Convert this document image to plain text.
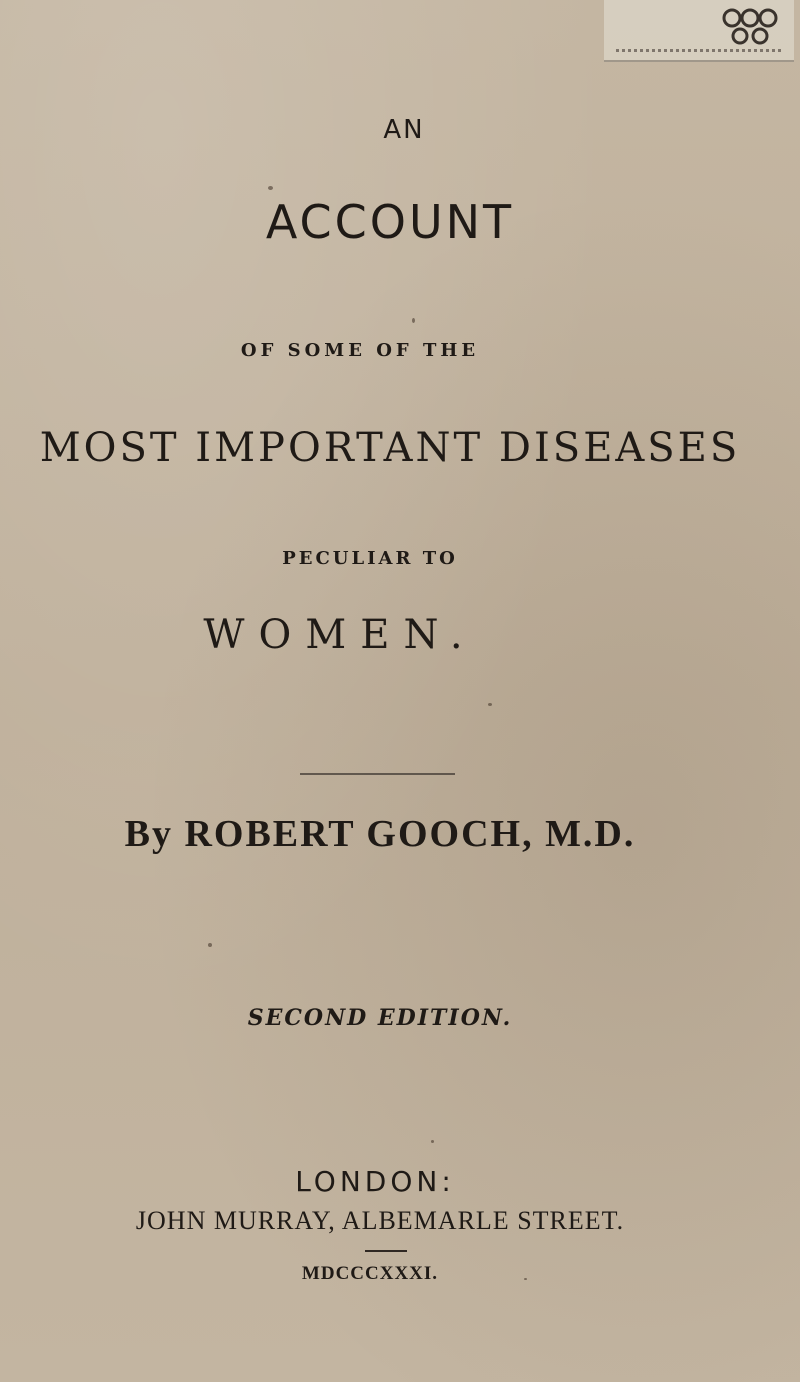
AN
ACCOUNT
OF SOME OF THE
MOST IMPORTANT DISEASES
PECULIAR TO
WOMEN.
By ROBERT GOOCH, M.D.
SECOND EDITION.
LONDON:
JOHN MURRAY, ALBEMARLE STREET.
MDCCCXXXI.
